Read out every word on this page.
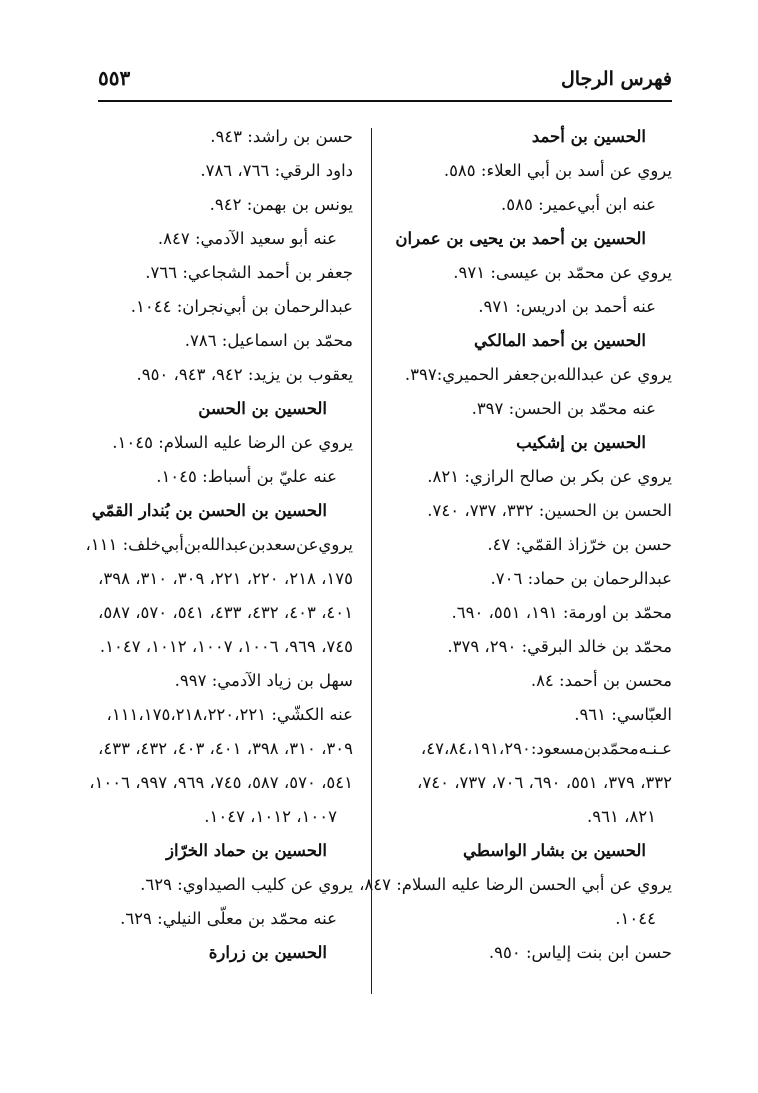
فهرس الرجال
٥٥٣
الحسين بن أحمد
يروي عن أسد بن أبي العلاء: ٥٨٥.
عنه ابن أبي‌عمير: ٥٨٥.
الحسين بن أحمد بن يحيى بن عمران
يروي عن محمّد بن عيسى: ٩٧١.
عنه أحمد بن ادريس: ٩٧١.
الحسين بن أحمد المالكي
يروي عن عبدالله‌بن‌جعفر الحميري:٣٩٧.
عنه محمّد بن الحسن: ٣٩٧.
الحسين بن إشكيب
يروي عن بكر بن صالح الرازي: ٨٢١.
الحسن بن الحسين: ٣٣٢، ٧٣٧، ٧٤٠.
حسن بن خرّزاذ القمّي: ٤٧.
عبدالرحمان بن حماد: ٧٠٦.
محمّد بن اورمة: ١٩١، ٥٥١، ٦٩٠.
محمّد بن خالد البرقي: ٢٩٠، ٣٧٩.
محسن بن أحمد: ٨٤.
العبّاسي: ٩٦١.
عـنـه‌محمّد‌بن‌مسعود:٤٧،٨٤،١٩١،٢٩٠،
٣٣٢، ٣٧٩، ٥٥١، ٦٩٠، ٧٠٦، ٧٣٧، ٧٤٠،
٨٢١، ٩٦١.
الحسين بن بشار الواسطي
يروي عن أبي الحسن الرضا عليه السلام: ٨٤٧،
١٠٤٤.
حسن ابن بنت إلياس: ٩٥٠.
حسن بن راشد: ٩٤٣.
داود الرقي: ٧٦٦، ٧٨٦.
يونس بن بهمن: ٩٤٢.
عنه أبو سعيد الآدمي: ٨٤٧.
جعفر بن أحمد الشجاعي: ٧٦٦.
عبدالرحمان بن أبي‌نجران: ١٠٤٤.
محمّد بن اسماعيل: ٧٨٦.
يعقوب بن يزيد: ٩٤٢، ٩٤٣، ٩٥٠.
الحسين بن الحسن
يروي عن الرضا عليه السلام: ١٠٤٥.
عنه عليّ بن أسباط: ١٠٤٥.
الحسين بن الحسن بن بُندار القمّي
يروي‌عن‌سعدبن‌عبدالله‌بن‌أبي‌خلف: ١١١،
١٧٥، ٢١٨، ٢٢٠، ٢٢١، ٣٠٩، ٣١٠، ٣٩٨،
٤٠١، ٤٠٣، ٤٣٢، ٤٣٣، ٥٤١، ٥٧٠، ٥٨٧،
٧٤٥، ٩٦٩، ١٠٠٦، ١٠٠٧، ١٠١٢، ١٠٤٧.
سهل بن زياد الآدمي: ٩٩٧.
عنه الكشّي: ١١١،١٧٥،٢١٨،٢٢٠،٢٢١،
٣٠٩، ٣١٠، ٣٩٨، ٤٠١، ٤٠٣، ٤٣٢، ٤٣٣،
٥٤١، ٥٧٠، ٥٨٧، ٧٤٥، ٩٦٩، ٩٩٧، ١٠٠٦،
١٠٠٧، ١٠١٢، ١٠٤٧.
الحسين بن حماد الخرّاز
يروي عن كليب الصيداوي: ٦٢٩.
عنه محمّد بن معلّى النيلي: ٦٢٩.
الحسين بن زرارة
